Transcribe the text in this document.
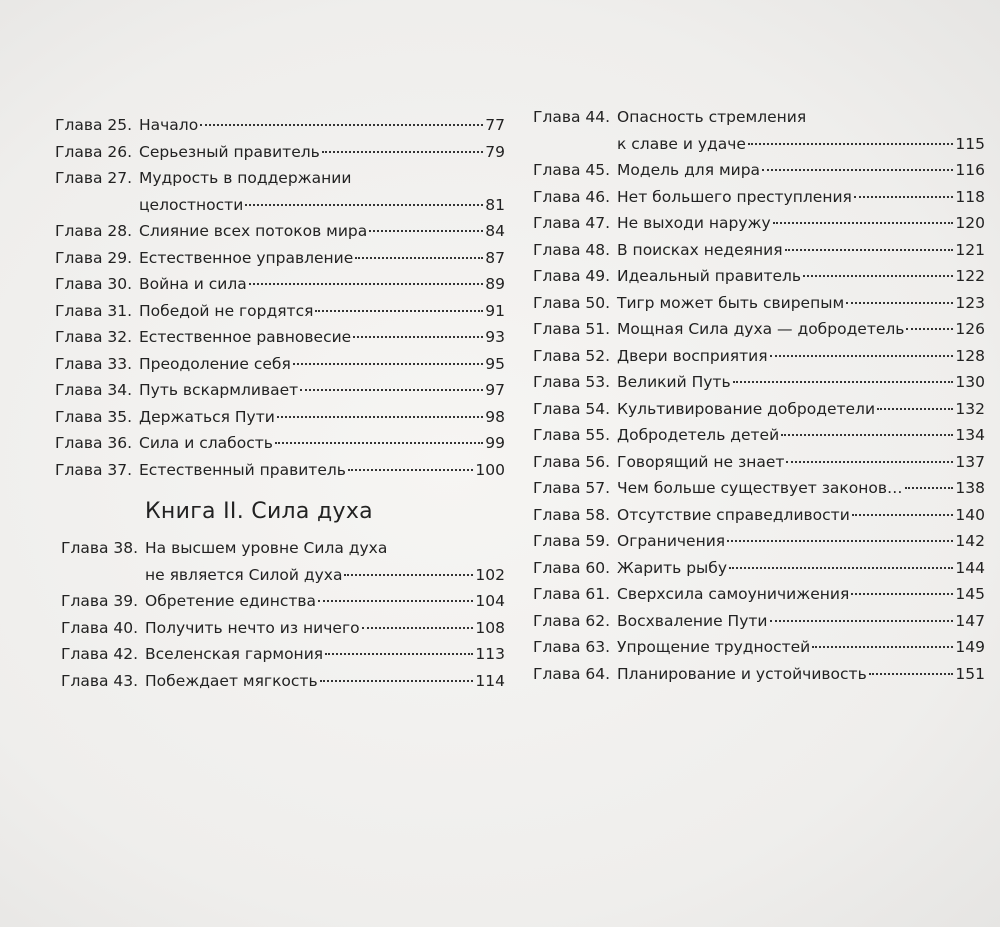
Глава 25. Начало	77
Глава 26. Серьезный правитель	79
Глава 27. Мудрость в поддержании
целостности	81
Глава 28. Слияние всех потоков мира	84
Глава 29. Естественное управление	87
Глава 30. Война и сила	89
Глава 31. Победой не гордятся	91
Глава 32. Естественное равновесие	93
Глава 33. Преодоление себя	95
Глава 34. Путь вскармливает	97
Глава 35. Держаться Пути	98
Глава 36. Сила и слабость	99
Глава 37. Естественный правитель	100
Книга II. Сила духа
Глава 38. На высшем уровне Сила духа
не является Силой духа	102
Глава 39. Обретение единства	104
Глава 40. Получить нечто из ничего	108
Глава 42. Вселенская гармония	113
Глава 43. Побеждает мягкость	114
Глава 44. Опасность стремления
к славе и удаче	115
Глава 45. Модель для мира	116
Глава 46. Нет большего преступления	118
Глава 47. Не выходи наружу	120
Глава 48. В поисках недеяния	121
Глава 49. Идеальный правитель	122
Глава 50. Тигр может быть свирепым	123
Глава 51. Мощная Сила духа — добродетель	126
Глава 52. Двери восприятия	128
Глава 53. Великий Путь	130
Глава 54. Культивирование добродетели	132
Глава 55. Добродетель детей	134
Глава 56. Говорящий не знает	137
Глава 57. Чем больше существует законов…	138
Глава 58. Отсутствие справедливости	140
Глава 59. Ограничения	142
Глава 60. Жарить рыбу	144
Глава 61. Сверхсила самоуничижения	145
Глава 62. Восхваление Пути	147
Глава 63. Упрощение трудностей	149
Глава 64. Планирование и устойчивость	151
